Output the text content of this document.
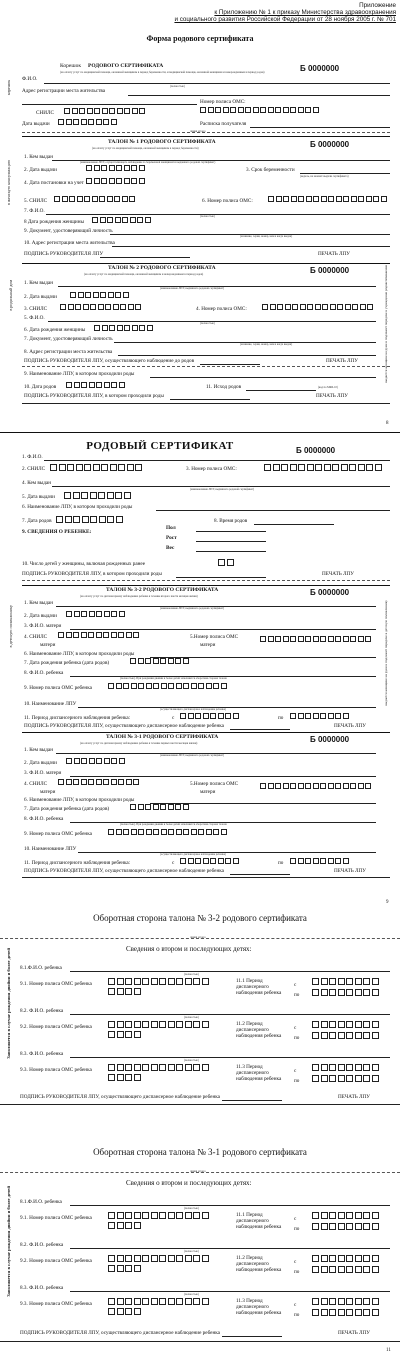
Приложение
к Приложению № 1 к приказу Министерства здравоохранения
и социального развития Российской Федерации от 28 ноября 2005 г. № 701
Форма родового сертификата
Корешок РОДОВОГО СЕРТИФИКАТА	Б 0000000
(на оплату услуг по медицинской помощи, оказанной женщинам в период беременности, и медицинской помощи, оказанной женщинам и новорожденным в период родов)
корешок
Ф.И.О.
(полностью)
Адрес регистрации места жительства
Номер полиса ОМС:
СНИЛС
Дата выдачи	Расписка получателя
линия отреза
ТАЛОН № 1 РОДОВОГО СЕРТИФИКАТА	Б 0000000
(на оплату услуг по медицинской помощи, оказанной женщинам в период беременности)
в женскую консультацию
1. Кем выдан
(наименование ЛПУ, осуществляющего наблюдение за беременной женщиной и выдавшего родовой сертификат)
2. Дата выдачи	3. Срок беременности
(недель, на момент выдачи сертификата)
4. Дата постановки на учет
5. СНИЛС	6. Номер полиса ОМС:
7. Ф.И.О.
(полностью)
8 Дата рождения женщины
9. Документ, удостоверяющий личность
(название, серия, номер, кем и когда выдан)
10. Адрес регистрации места жительства
ПОДПИСЬ РУКОВОДИТЕЛЯ ЛПУ	ПЕЧАТЬ ЛПУ
ТАЛОН № 2 РОДОВОГО СЕРТИФИКАТА	Б 0000000
(на оплату услуг по медицинской помощи, оказанной женщинам и новорожденным в период родов)
в родильный дом	выдается женщине на руки и подлежит передаче в учреждение родовспоможения
1. Кем выдан
(наименование ЛПУ, выдавшего родовой сертификат)
2. Дата выдачи
3. СНИЛС	4. Номер полиса ОМС:
5. Ф.И.О.
(полностью)
6. Дата рождения женщины
7. Документ, удостоверяющий личность
(название, серия, номер, кем и когда выдан)
8. Адрес регистрации места жительства
ПОДПИСЬ РУКОВОДИТЕЛЯ ЛПУ, осуществляющего наблюдение до родов	ПЕЧАТЬ ЛПУ
9. Наименование ЛПУ, в котором проходили роды
10. Дата родов	11. Исход родов	(код по МКБ-10)
ПОДПИСЬ РУКОВОДИТЕЛЯ ЛПУ, в котором проходили роды	ПЕЧАТЬ ЛПУ
8
РОДОВЫЙ СЕРТИФИКАТ	Б 0000000
1. Ф.И.О.
2. СНИЛС	3. Номер полиса ОМС:
4. Кем выдан
(наименование ЛПУ, выдавшего родовой сертификат)
5. Дата выдачи
6. Наименование ЛПУ, в котором проходили роды
7. Дата родов	8. Время родов
9. СВЕДЕНИЯ О РЕБЕНКЕ:
Пол
Рост
Вес
10. Число детей у женщины, включая рожденных ранее
ПОДПИСЬ РУКОВОДИТЕЛЯ ЛПУ, в котором проходили роды	ПЕЧАТЬ ЛПУ
ТАЛОН № 3-2 РОДОВОГО СЕРТИФИКАТА	Б 0000000
(на оплату услуг по диспансерному наблюдению ребенка в течение второго шести месяцев жизни)
в детскую поликлинику	выдается женщине на руки и подлежит передаче в детскую поликлинику
1. Кем выдан
(наименование ЛПУ, выдавшего родовой сертификат)
2. Дата выдачи
3. Ф.И.О. матери
4. СНИЛС
матери
5.Номер полиса ОМС
матери
6. Наименование ЛПУ, в котором проходили роды
7. Дата рождения ребенка (дата родов)
8. Ф.И.О. ребенка
(полностью). При рождении двойни и более детей заполняется оборотная сторона талона
9. Номер полиса ОМС ребенка
10. Наименование ЛПУ
(осуществляющего диспансерное наблюдение ребенка)
11. Период диспансерного наблюдения ребенка:	с	по
ПОДПИСЬ РУКОВОДИТЕЛЯ ЛПУ, осуществляющего диспансерное наблюдение ребенка	ПЕЧАТЬ ЛПУ
ТАЛОН № 3-1 РОДОВОГО СЕРТИФИКАТА	Б 0000000
(на оплату услуг по диспансерному наблюдению ребенка в течение первых шести месяцев жизни)
1. Кем выдан
(наименование ЛПУ, выдавшего родовой сертификат)
2. Дата выдачи
3. Ф.И.О. матери
4. СНИЛС
матери
5.Номер полиса ОМС
матери
6. Наименование ЛПУ, в котором проходили роды
7. Дата рождения ребенка (дата родов)
8. Ф.И.О. ребенка
(полностью). При рождении двойни и более детей заполняется оборотная сторона талона
9. Номер полиса ОМС ребенка
10. Наименование ЛПУ
(осуществляющего диспансерное наблюдение ребенка)
11. Период диспансерного наблюдения ребенка:	с	по
ПОДПИСЬ РУКОВОДИТЕЛЯ ЛПУ, осуществляющего диспансерное наблюдение ребенка	ПЕЧАТЬ ЛПУ
9
Оборотная сторона талона № 3-2 родового сертификата
линия отреза
Сведения о втором и последующих детях:
Заполняется в случае рождения двойни и более детей 8.1.Ф.И.О. ребенка
(полностью)
9.1. Номер полиса ОМС ребенка	11.1 Период диспансерного наблюдения ребенка
с
по
8.2. Ф.И.О. ребенка
(полностью)
9.2. Номер полиса ОМС ребенка	11.2 Период диспансерного наблюдения ребенка
с
по
8.3. Ф.И.О. ребенка
(полностью)
9.3. Номер полиса ОМС ребенка	11.3 Период диспансерного наблюдения ребенка
с
по
ПОДПИСЬ РУКОВОДИТЕЛЯ ЛПУ, осуществляющего диспансерное наблюдение ребенка	ПЕЧАТЬ ЛПУ
Оборотная сторона талона № 3-1 родового сертификата
линия отреза
Сведения о втором и последующих детях:
Заполняется в случае рождения двойни и более детей 8.1.Ф.И.О. ребенка
(полностью)
9.1. Номер полиса ОМС ребенка	11.1 Период диспансерного наблюдения ребенка
с
по
8.2. Ф.И.О. ребенка
(полностью)
9.2. Номер полиса ОМС ребенка	11.2 Период диспансерного наблюдения ребенка
с
по
8.3. Ф.И.О. ребенка
(полностью)
9.3. Номер полиса ОМС ребенка	11.3 Период диспансерного наблюдения ребенка
с
по
ПОДПИСЬ РУКОВОДИТЕЛЯ ЛПУ, осуществляющего диспансерное наблюдение ребенка	ПЕЧАТЬ ЛПУ
11
